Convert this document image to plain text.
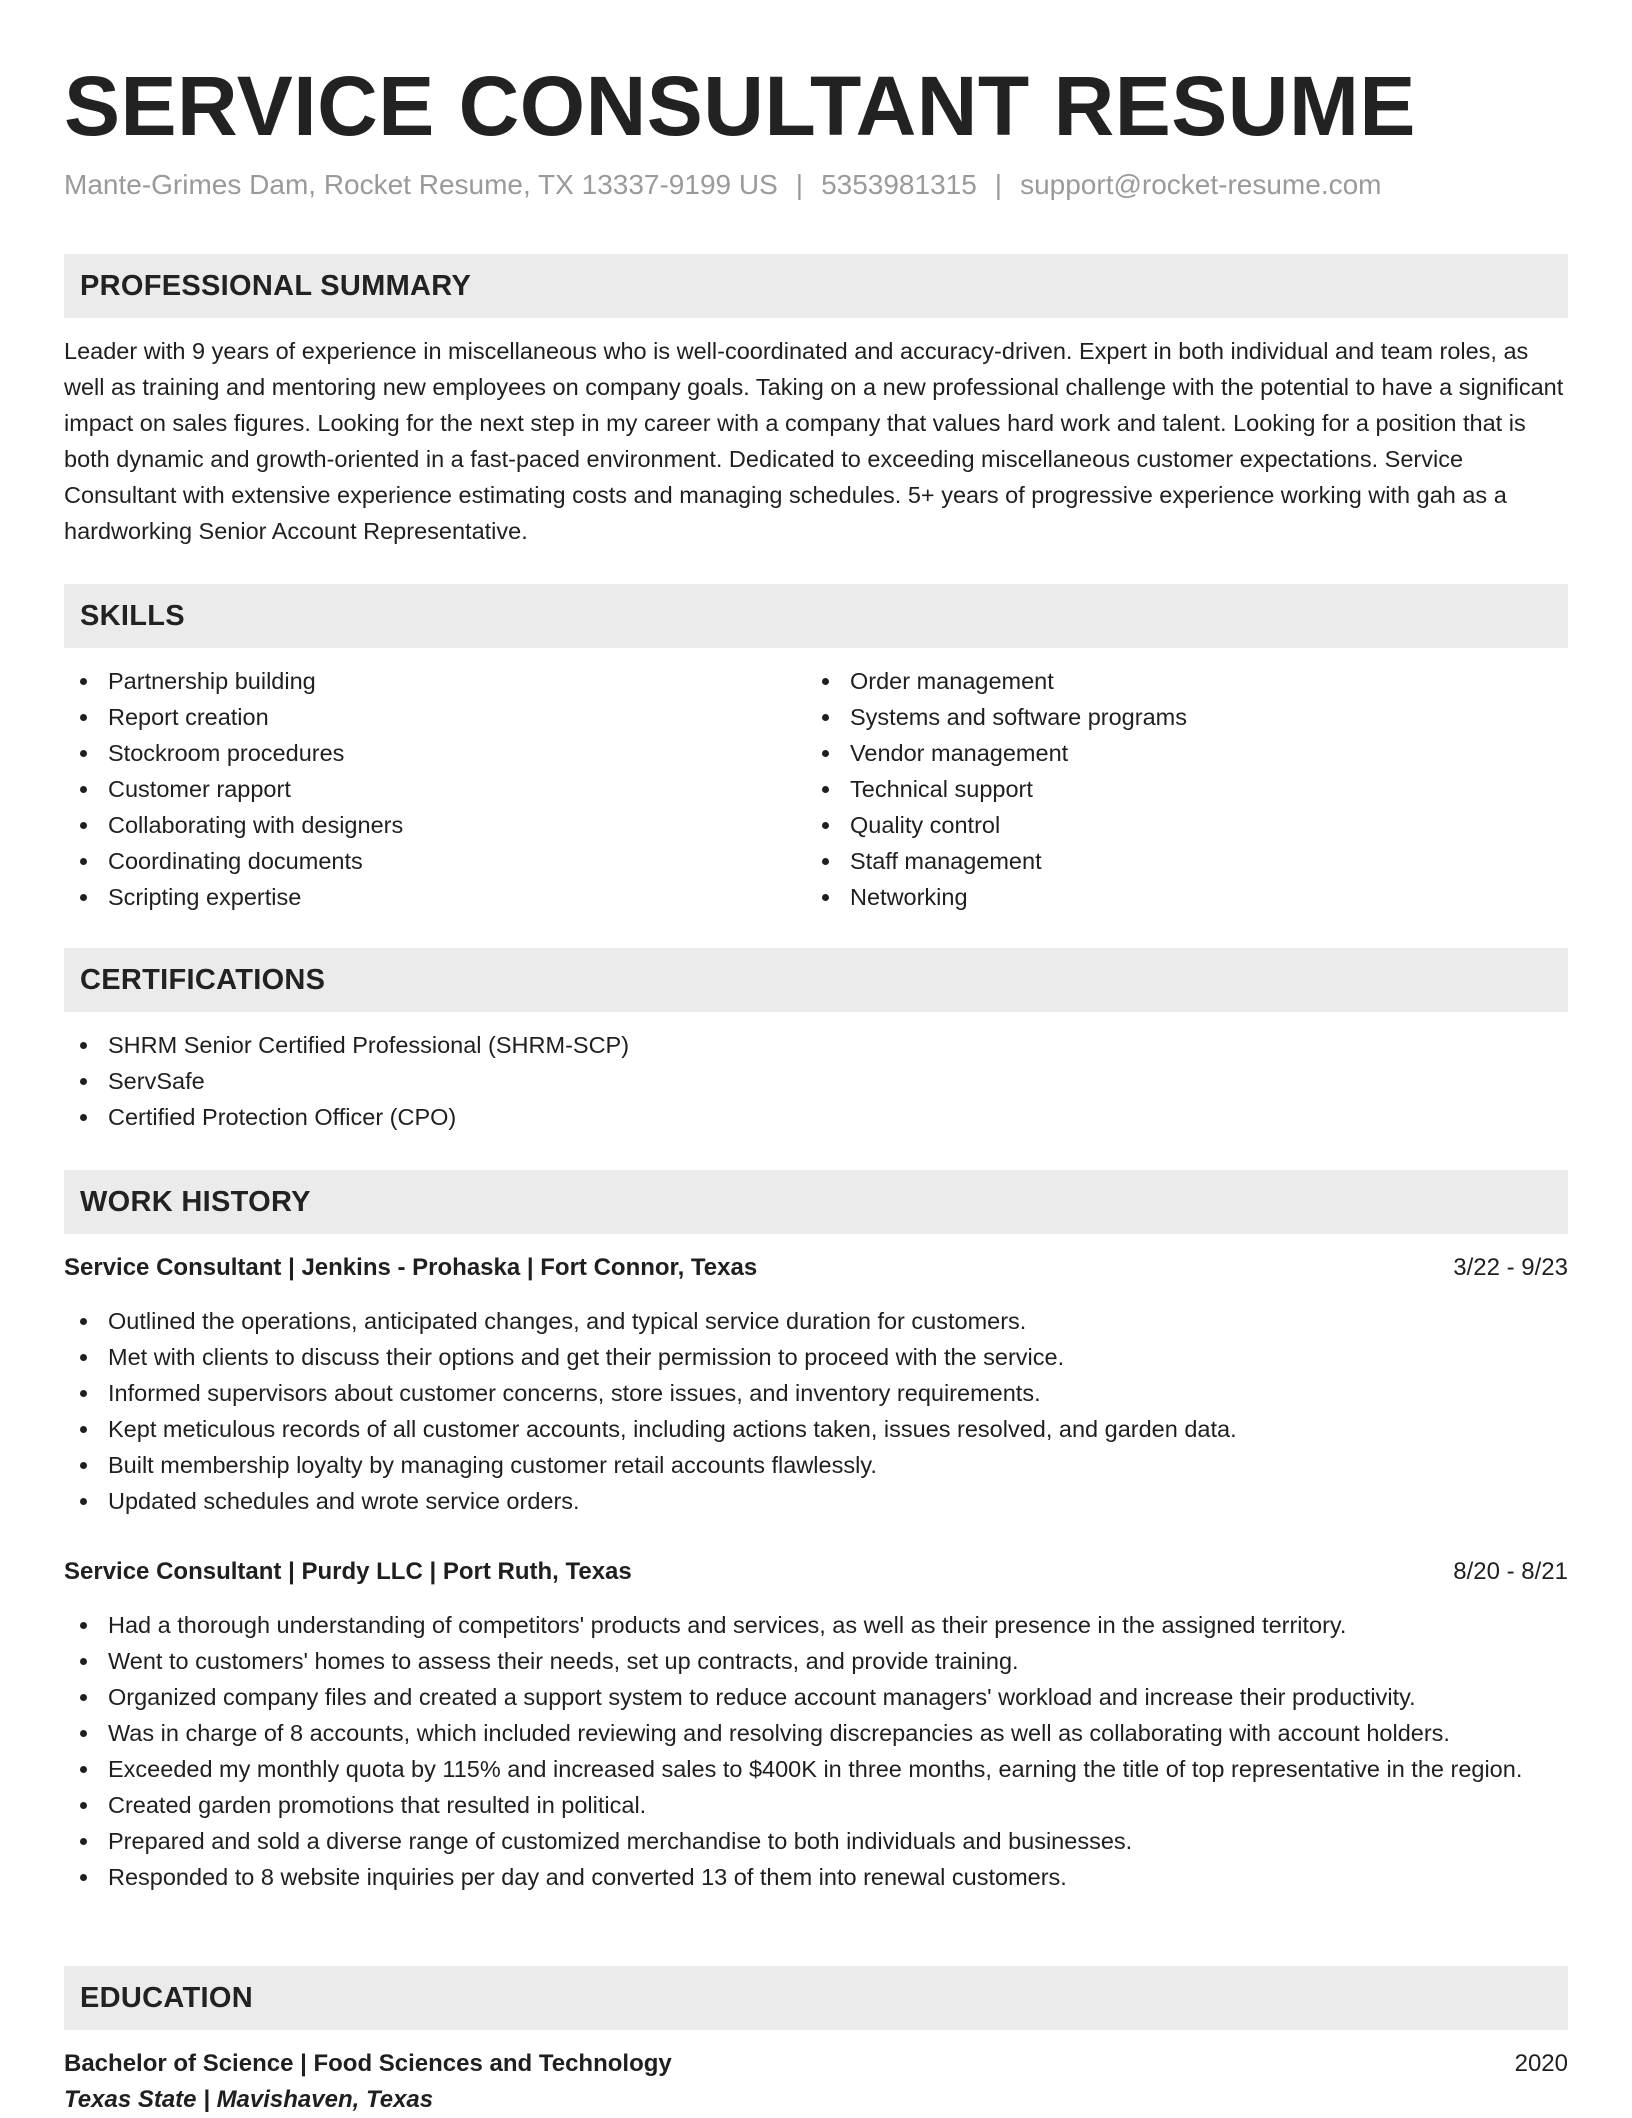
SERVICE CONSULTANT RESUME
Mante-Grimes Dam, Rocket Resume, TX 13337-9199 US | 5353981315 | support@rocket-resume.com
PROFESSIONAL SUMMARY

Leader with 9 years of experience in miscellaneous who is well-coordinated and accuracy-driven. Expert in both individual and team roles, as well as training and mentoring new employees on company goals. Taking on a new professional challenge with the potential to have a significant impact on sales figures. Looking for the next step in my career with a company that values hard work and talent. Looking for a position that is both dynamic and growth-oriented in a fast-paced environment. Dedicated to exceeding miscellaneous customer expectations. Service Consultant with extensive experience estimating costs and managing schedules. 5+ years of progressive experience working with gah as a hardworking Senior Account Representative.

SKILLS
Partnership building
Report creation
Stockroom procedures
Customer rapport
Collaborating with designers
Coordinating documents
Scripting expertise
Order management
Systems and software programs
Vendor management
Technical support
Quality control
Staff management
Networking
CERTIFICATIONS
SHRM Senior Certified Professional (SHRM-SCP)
ServSafe
Certified Protection Officer (CPO)
WORK HISTORY
Service Consultant | Jenkins - Prohaska | Fort Connor, Texas	3/22 - 9/23
Outlined the operations, anticipated changes, and typical service duration for customers.
Met with clients to discuss their options and get their permission to proceed with the service.
Informed supervisors about customer concerns, store issues, and inventory requirements.
Kept meticulous records of all customer accounts, including actions taken, issues resolved, and garden data.
Built membership loyalty by managing customer retail accounts flawlessly.
Updated schedules and wrote service orders.
Service Consultant | Purdy LLC | Port Ruth, Texas	8/20 - 8/21
Had a thorough understanding of competitors' products and services, as well as their presence in the assigned territory.
Went to customers' homes to assess their needs, set up contracts, and provide training.
Organized company files and created a support system to reduce account managers' workload and increase their productivity.
Was in charge of 8 accounts, which included reviewing and resolving discrepancies as well as collaborating with account holders.
Exceeded my monthly quota by 115% and increased sales to $400K in three months, earning the title of top representative in the region.
Created garden promotions that resulted in political.
Prepared and sold a diverse range of customized merchandise to both individuals and businesses.
Responded to 8 website inquiries per day and converted 13 of them into renewal customers.
EDUCATION
Bachelor of Science | Food Sciences and Technology	2020
Texas State | Mavishaven, Texas
